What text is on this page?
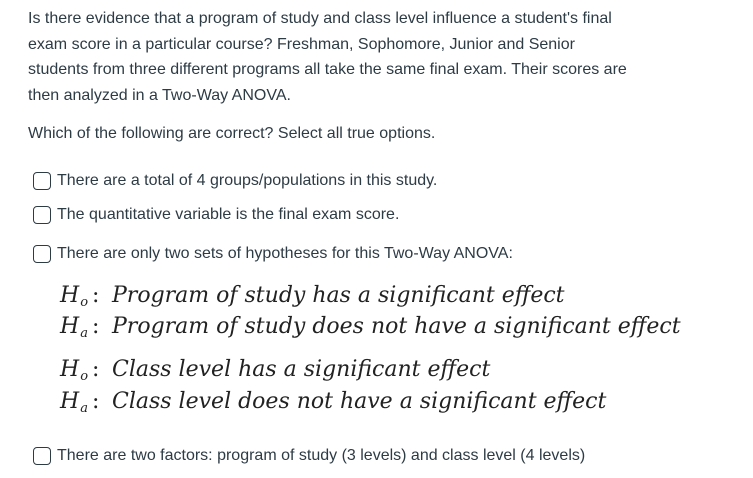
Is there evidence that a program of study and class level influence a student's final
exam score in a particular course? Freshman, Sophomore, Junior and Senior
students from three different programs all take the same final exam. Their scores are
then analyzed in a Two-Way ANOVA.
Which of the following are correct? Select all true options.
There are a total of 4 groups/populations in this study.
The quantitative variable is the final exam score.
There are only two sets of hypotheses for this Two-Way ANOVA:
$H_o$ : Program of study has a significant effect
$H_a$ : Program of study does not have a significant effect
$H_o$ : Class level has a significant effect
$H_a$ : Class level does not have a significant effect
There are two factors: program of study (3 levels) and class level (4 levels)
